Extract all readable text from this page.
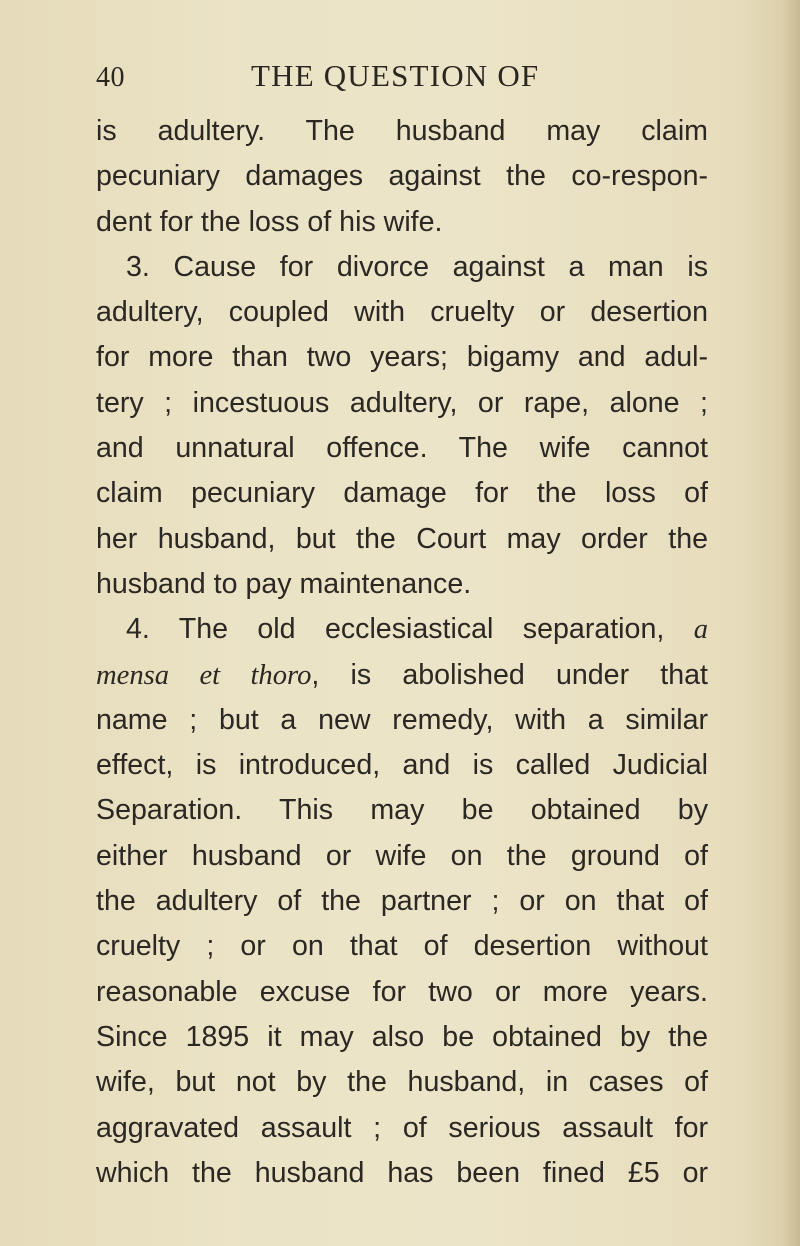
40	THE QUESTION OF
is adultery. The husband may claim
pecuniary damages against the co-respon-
dent for the loss of his wife.
3. Cause for divorce against a man is
adultery, coupled with cruelty or desertion
for more than two years; bigamy and adul-
tery ; incestuous adultery, or rape, alone ;
and unnatural offence. The wife cannot
claim pecuniary damage for the loss of
her husband, but the Court may order the
husband to pay maintenance.
4. The old ecclesiastical separation, a
mensa et thoro, is abolished under that
name ; but a new remedy, with a similar
effect, is introduced, and is called Judicial
Separation. This may be obtained by
either husband or wife on the ground of
the adultery of the partner ; or on that of
cruelty ; or on that of desertion without
reasonable excuse for two or more years.
Since 1895 it may also be obtained by the
wife, but not by the husband, in cases of
aggravated assault ; of serious assault for
which the husband has been fined £5 or
